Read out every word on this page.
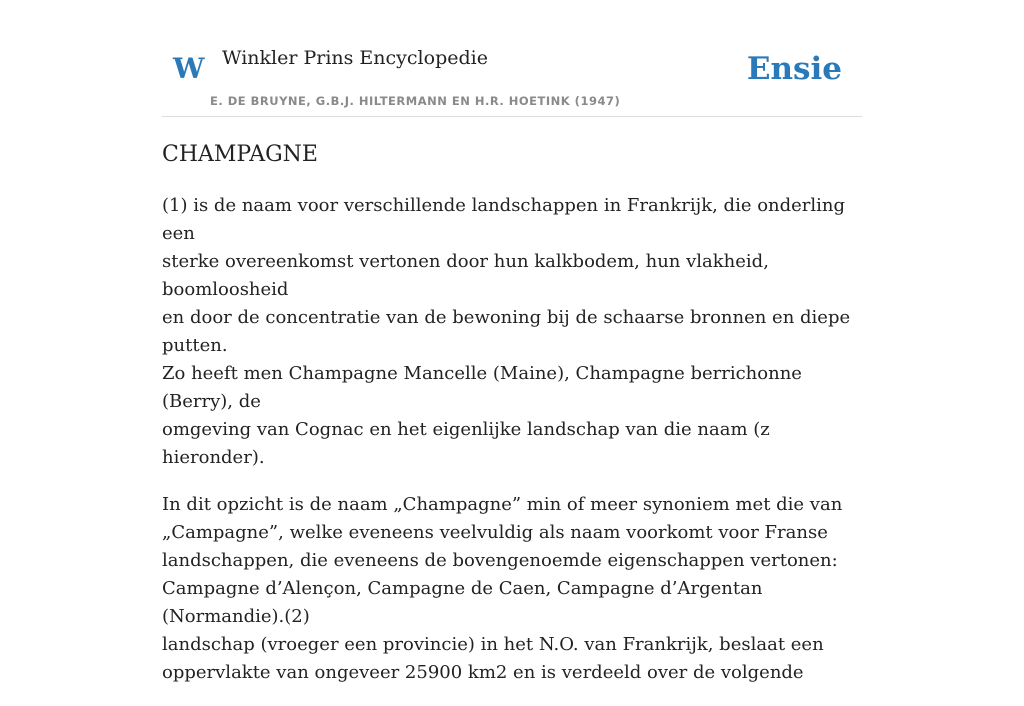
W Winkler Prins Encyclopedie
E. DE BRUYNE, G.B.J. HILTERMANN EN H.R. HOETINK (1947)
Ensie
CHAMPAGNE

(1) is de naam voor verschillende landschappen in Frankrijk, die onderling een
sterke overeenkomst vertonen door hun kalkbodem, hun vlakheid, boomloosheid
en door de concentratie van de bewoning bij de schaarse bronnen en diepe putten.
Zo heeft men Champagne Mancelle (Maine), Champagne berrichonne (Berry), de
omgeving van Cognac en het eigenlijke landschap van die naam (z hieronder).

In dit opzicht is de naam „Champagne” min of meer synoniem met die van
„Campagne”, welke eveneens veelvuldig als naam voorkomt voor Franse
landschappen, die eveneens de bovengenoemde eigenschappen vertonen:
Campagne d’Alençon, Campagne de Caen, Campagne d’Argentan (Normandie).(2)
landschap (vroeger een provincie) in het N.O. van Frankrijk, beslaat een
oppervlakte van ongeveer 25900 km2 en is verdeeld over de volgende
